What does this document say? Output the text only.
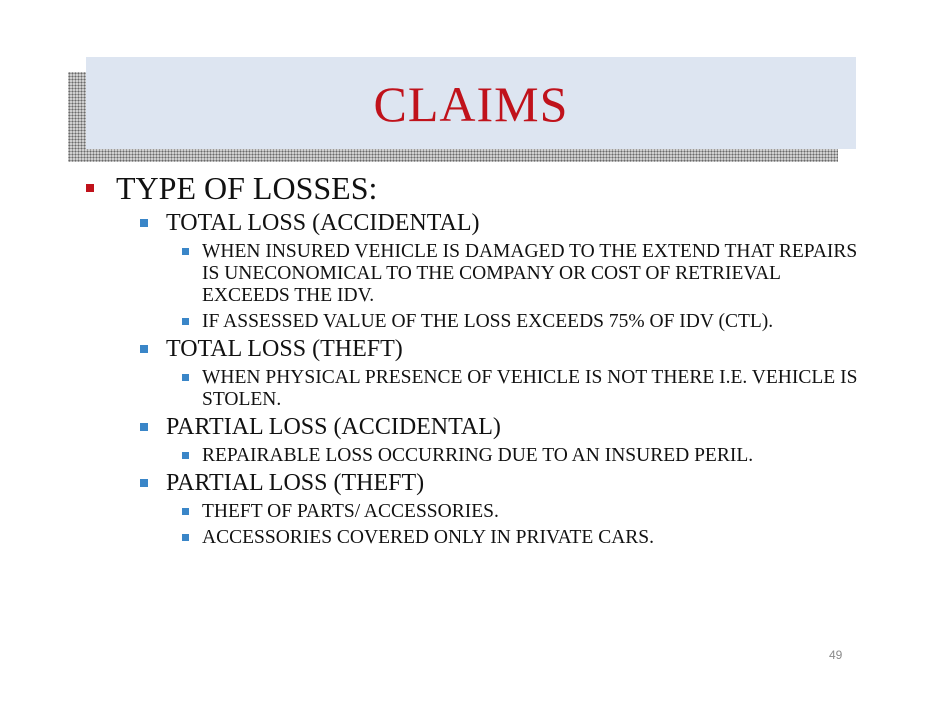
CLAIMS
TYPE OF LOSSES:
TOTAL LOSS (ACCIDENTAL)
WHEN INSURED VEHICLE IS DAMAGED TO THE EXTEND THAT REPAIRS IS UNECONOMICAL TO THE COMPANY OR COST OF RETRIEVAL EXCEEDS THE IDV.
IF ASSESSED VALUE OF THE LOSS EXCEEDS 75% OF IDV (CTL).
TOTAL LOSS (THEFT)
WHEN PHYSICAL PRESENCE OF VEHICLE IS NOT THERE I.E. VEHICLE IS STOLEN.
PARTIAL LOSS (ACCIDENTAL)
REPAIRABLE LOSS OCCURRING DUE TO AN INSURED PERIL.
PARTIAL LOSS (THEFT)
THEFT OF PARTS/ ACCESSORIES.
ACCESSORIES COVERED ONLY IN PRIVATE CARS.
49
